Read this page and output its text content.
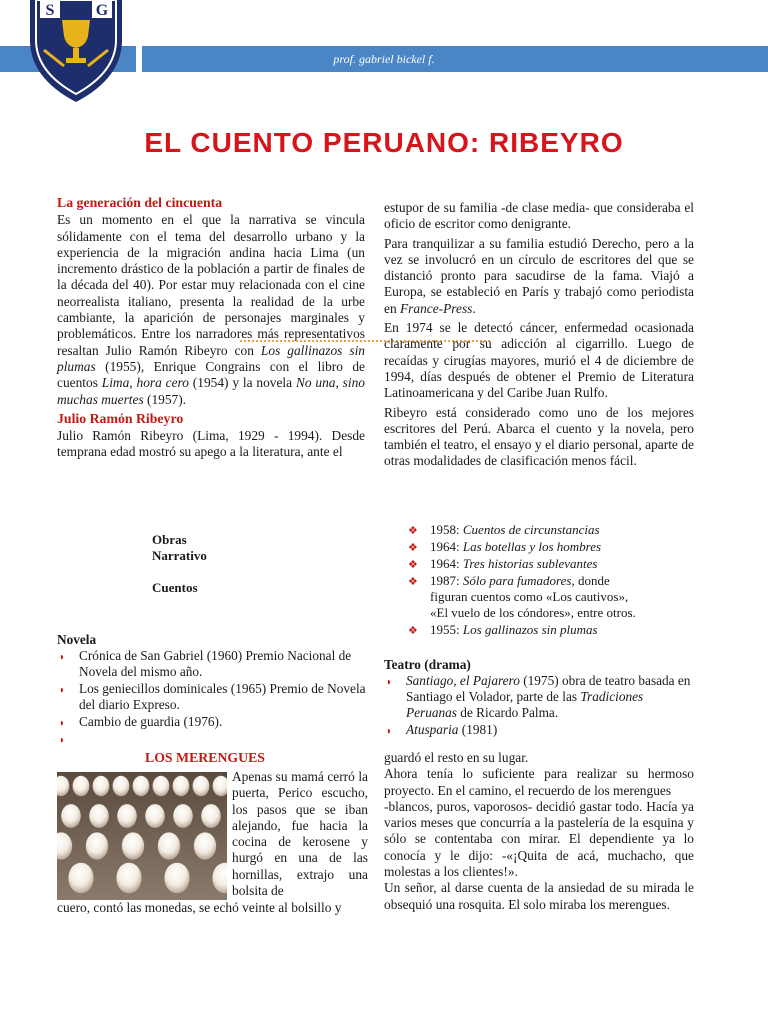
prof. gabriel bickel f.
S	G
EL CUENTO PERUANO: RIBEYRO
La generación del cincuenta

Es un momento en el que la narrativa se vincula sólidamente con el tema del desarrollo urbano y la experiencia de la migración andina hacia Lima (un incremento drástico de la población a partir de finales de la década del 40). Por estar muy relacionada con el cine neorrealista italiano, presenta la realidad de la urbe cambiante, la aparición de personajes marginales y problemáticos. Entre los narradores más representativos resaltan Julio Ramón Ribeyro con Los gallinazos sin plumas (1955), Enrique Congrains con el libro de cuentos Lima, hora cero (1954) y la novela No una, sino muchas muertes (1957).

Julio Ramón Ribeyro

Julio Ramón Ribeyro (Lima, 1929 - 1994). Desde temprana edad mostró su apego a la literatura, ante el

estupor de su familia -de clase media- que consideraba el oficio de escritor como denigrante.

Para tranquilizar a su familia estudió Derecho, pero a la vez se involucró en un círculo de escritores del que se distanció pronto para sacudirse de la fama. Viajó a Europa, se estableció en París y trabajó como periodista en France-Press.

En 1974 se le detectó cáncer, enfermedad ocasionada claramente por su adicción al cigarrillo. Luego de recaídas y cirugías mayores, murió el 4 de diciembre de 1994, días después de obtener el Premio de Literatura Latinoamericana y del Caribe Juan Rulfo.

Ribeyro está considerado como uno de los mejores escritores del Perú. Abarca el cuento y la novela, pero también el teatro, el ensayo y el diario personal, aparte de otras modalidades de clasificación menos fácil.

Obras
Narrativo
Cuentos
Novela
◗ Crónica de San Gabriel (1960) Premio Nacional de Novela del mismo año.
◗ Los geniecillos dominicales (1965) Premio de Novela del diario Expreso.
◗ Cambio de guardia (1976).
◗
❖ 1958: Cuentos de circunstancias
❖ 1964: Las botellas y los hombres
❖ 1964: Tres historias sublevantes
❖ 1987: Sólo para fumadores, donde figuran cuentos como «Los cautivos», «El vuelo de los cóndores», entre otros.
❖ 1955: Los gallinazos sin plumas
Teatro (drama)
◗ Santiago, el Pajarero (1975) obra de teatro basada en Santiago el Volador, parte de las Tradiciones Peruanas de Ricardo Palma.
◗ Atusparia (1981)
LOS MERENGUES
Apenas su mamá cerró la puerta, Perico escucho, los pasos que se iban alejando, fue hacia la cocina de kerosene y hurgó en una de las hornillas, extrajo una bolsita de
cuero, contó las monedas, se echó veinte al bolsillo y

guardó el resto en su lugar.

Ahora tenía lo suficiente para realizar su hermoso proyecto. En el camino, el recuerdo de los merengues

-blancos, puros, vaporosos- decidió gastar todo. Hacía ya varios meses que concurría a la pastelería de la esquina y sólo se contentaba con mirar. El dependiente ya lo conocía y le dijo: -«¡Quita de acá, muchacho, que molestas a los clientes!».

Un señor, al darse cuenta de la ansiedad de su mirada le obsequió una rosquita. El solo miraba los merengues.
